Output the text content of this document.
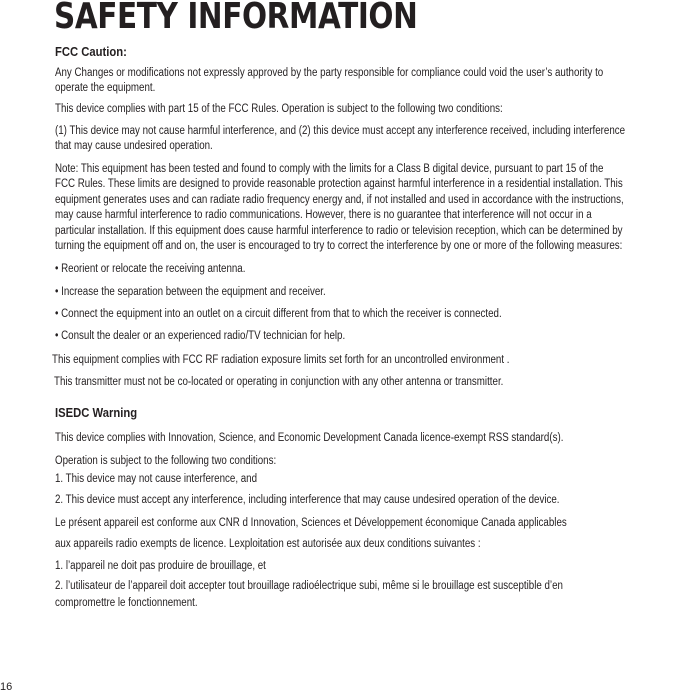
SAFETY INFORMATION
FCC Caution:
Any Changes or modifications not expressly approved by the party responsible for compliance could void the user’s authority to
operate the equipment.
This device complies with part 15 of the FCC Rules. Operation is subject to the following two conditions:
(1) This device may not cause harmful interference, and (2) this device must accept any interference received, including interference
that may cause undesired operation.
Note: This equipment has been tested and found to comply with the limits for a Class B digital device, pursuant to part 15 of the
FCC Rules. These limits are designed to provide reasonable protection against harmful interference in a residential installation. This
equipment generates uses and can radiate radio frequency energy and, if not installed and used in accordance with the instructions,
may cause harmful interference to radio communications. However, there is no guarantee that interference will not occur in a
particular installation. If this equipment does cause harmful interference to radio or television reception, which can be determined by
turning the equipment off and on, the user is encouraged to try to correct the interference by one or more of the following measures:
• Reorient or relocate the receiving antenna.
• Increase the separation between the equipment and receiver.
• Connect the equipment into an outlet on a circuit different from that to which the receiver is connected.
• Consult the dealer or an experienced radio/TV technician for help.
This equipment complies with FCC RF radiation exposure limits set forth for an uncontrolled environment .
This transmitter must not be co-located or operating in conjunction with any other antenna or transmitter.
ISEDC Warning
This device complies with Innovation, Science, and Economic Development Canada licence-exempt RSS standard(s).
Operation is subject to the following two conditions:
1. This device may not cause interference, and
2. This device must accept any interference, including interference that may cause undesired operation of the device.
Le présent appareil est conforme aux CNR d Innovation, Sciences et Développement économique Canada applicables
aux appareils radio exempts de licence. Lexploitation est autorisée aux deux conditions suivantes :
1. l’appareil ne doit pas produire de brouillage, et
2. l’utilisateur de l’appareil doit accepter tout brouillage radioélectrique subi, même si le brouillage est susceptible d’en
compromettre le fonctionnement.
16
